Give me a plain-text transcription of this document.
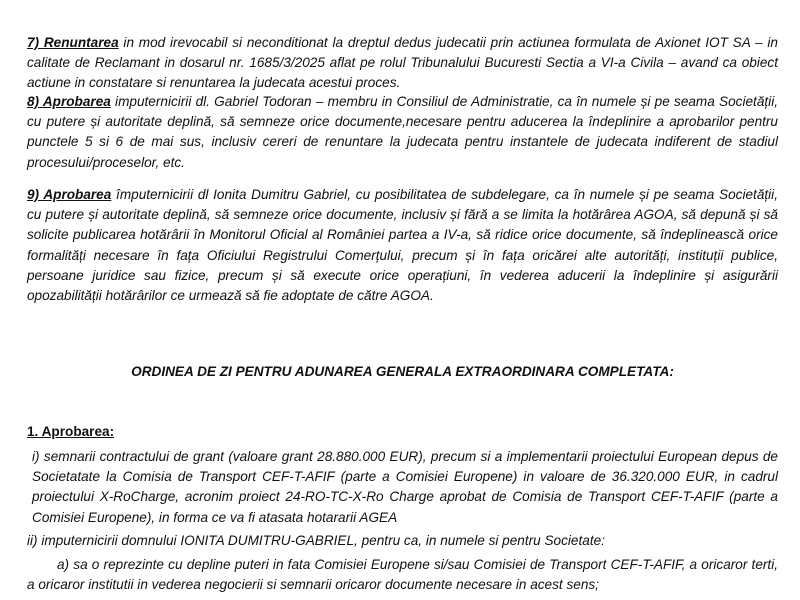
7) Renuntarea in mod irevocabil si neconditionat la dreptul dedus judecatii prin actiunea formulata de Axionet IOT SA – in calitate de Reclamant in dosarul nr. 1685/3/2025 aflat pe rolul Tribunalului Bucuresti Sectia a VI-a Civila – avand ca obiect actiune in constatare si renuntarea la judecata acestui proces.

8) Aprobarea imputernicirii dl. Gabriel Todoran – membru in Consiliul de Administratie, ca în numele și pe seama Societății, cu putere și autoritate deplină, să semneze orice documente,necesare pentru aducerea la îndeplinire a aprobarilor pentru punctele 5 si 6 de mai sus, inclusiv cereri de renuntare la judecata pentru instantele de judecata indiferent de stadiul procesului/proceselor, etc.

9) Aprobarea împuternicirii dl Ionita Dumitru Gabriel, cu posibilitatea de subdelegare, ca în numele și pe seama Societății, cu putere și autoritate deplină, să semneze orice documente, inclusiv și fără a se limita la hotărârea AGOA, să depună și să solicite publicarea hotărârii în Monitorul Oficial al României partea a IV-a, să ridice orice documente, să îndeplinească orice formalități necesare în fața Oficiului Registrului Comerțului, precum și în fața oricărei alte autorități, instituții publice, persoane juridice sau fizice, precum și să execute orice operațiuni, în vederea aducerii la îndeplinire și asigurării opozabilității hotărârilor ce urmează să fie adoptate de către AGOA.

ORDINEA DE ZI PENTRU ADUNAREA GENERALA EXTRAORDINARA COMPLETATA:
1. Aprobarea:

i) semnarii contractului de grant (valoare grant 28.880.000 EUR), precum si a implementarii proiectului European depus de Societatate la Comisia de Transport CEF-T-AFIF (parte a Comisiei Europene) in valoare de 36.320.000 EUR, in cadrul proiectului X-RoCharge, acronim proiect 24-RO-TC-X-Ro Charge aprobat de Comisia de Transport CEF-T-AFIF (parte a Comisiei Europene), in forma ce va fi atasata hotararii AGEA

ii) imputernicirii domnului IONITA DUMITRU-GABRIEL, pentru ca, in numele si pentru Societate:

a) sa o reprezinte cu depline puteri in fata Comisiei Europene si/sau Comisiei de Transport CEF-T-AFIF, a oricaror terti, a oricaror institutii in vederea negocierii si semnarii oricaror documente necesare in acest sens;
